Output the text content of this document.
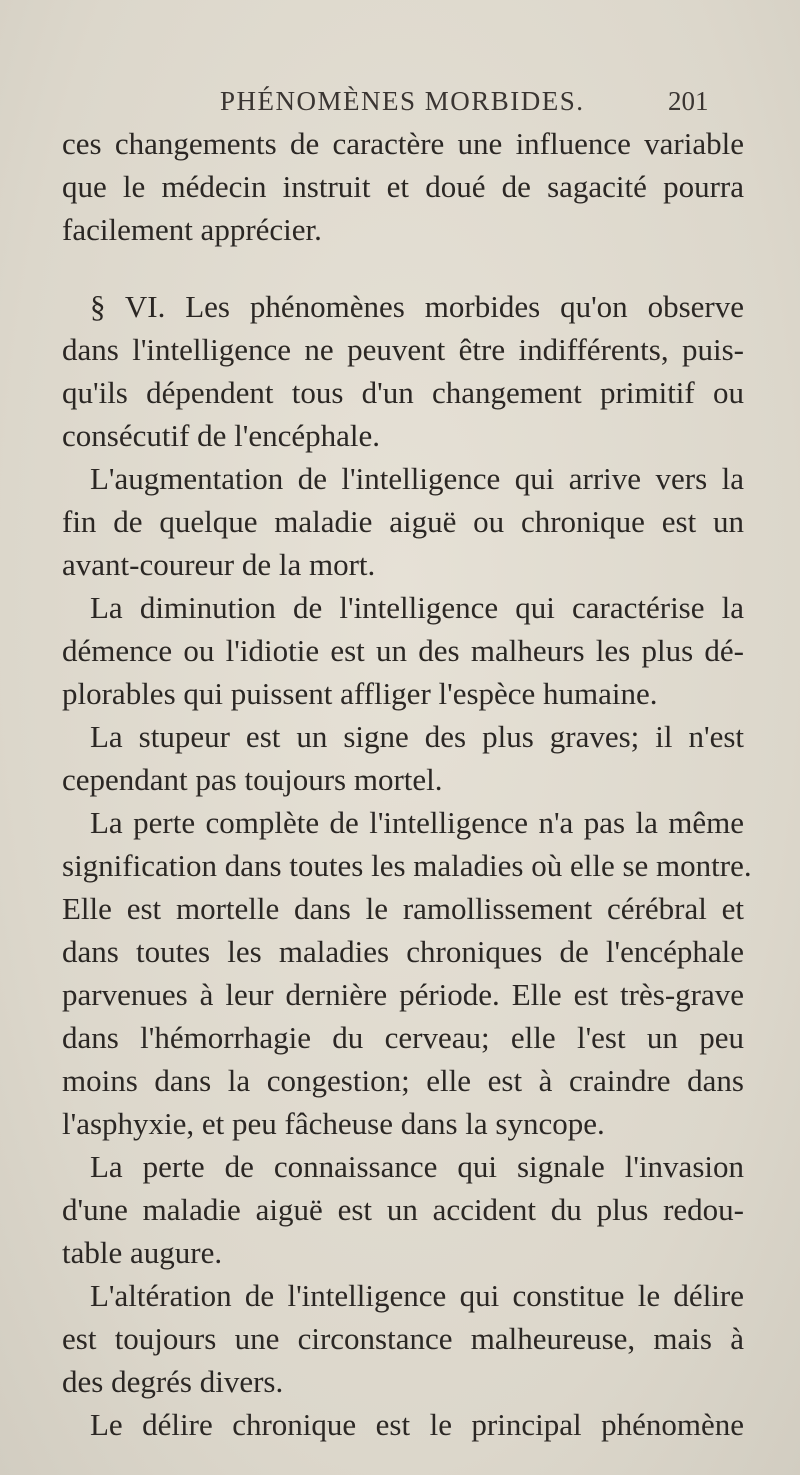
PHÉNOMÈNES MORBIDES.	201
ces changements de caractère une influence variable
que le médecin instruit et doué de sagacité pourra
facilement apprécier.
§ VI. Les phénomènes morbides qu'on observe
dans l'intelligence ne peuvent être indifférents, puis-
qu'ils dépendent tous d'un changement primitif ou
consécutif de l'encéphale.
L'augmentation de l'intelligence qui arrive vers la
fin de quelque maladie aiguë ou chronique est un
avant-coureur de la mort.
La diminution de l'intelligence qui caractérise la
démence ou l'idiotie est un des malheurs les plus dé-
plorables qui puissent affliger l'espèce humaine.
La stupeur est un signe des plus graves; il n'est
cependant pas toujours mortel.
La perte complète de l'intelligence n'a pas la même
signification dans toutes les maladies où elle se montre.
Elle est mortelle dans le ramollissement cérébral et
dans toutes les maladies chroniques de l'encéphale
parvenues à leur dernière période. Elle est très-grave
dans l'hémorrhagie du cerveau; elle l'est un peu
moins dans la congestion; elle est à craindre dans
l'asphyxie, et peu fâcheuse dans la syncope.
La perte de connaissance qui signale l'invasion
d'une maladie aiguë est un accident du plus redou-
table augure.
L'altération de l'intelligence qui constitue le délire
est toujours une circonstance malheureuse, mais à
des degrés divers.
Le délire chronique est le principal phénomène
